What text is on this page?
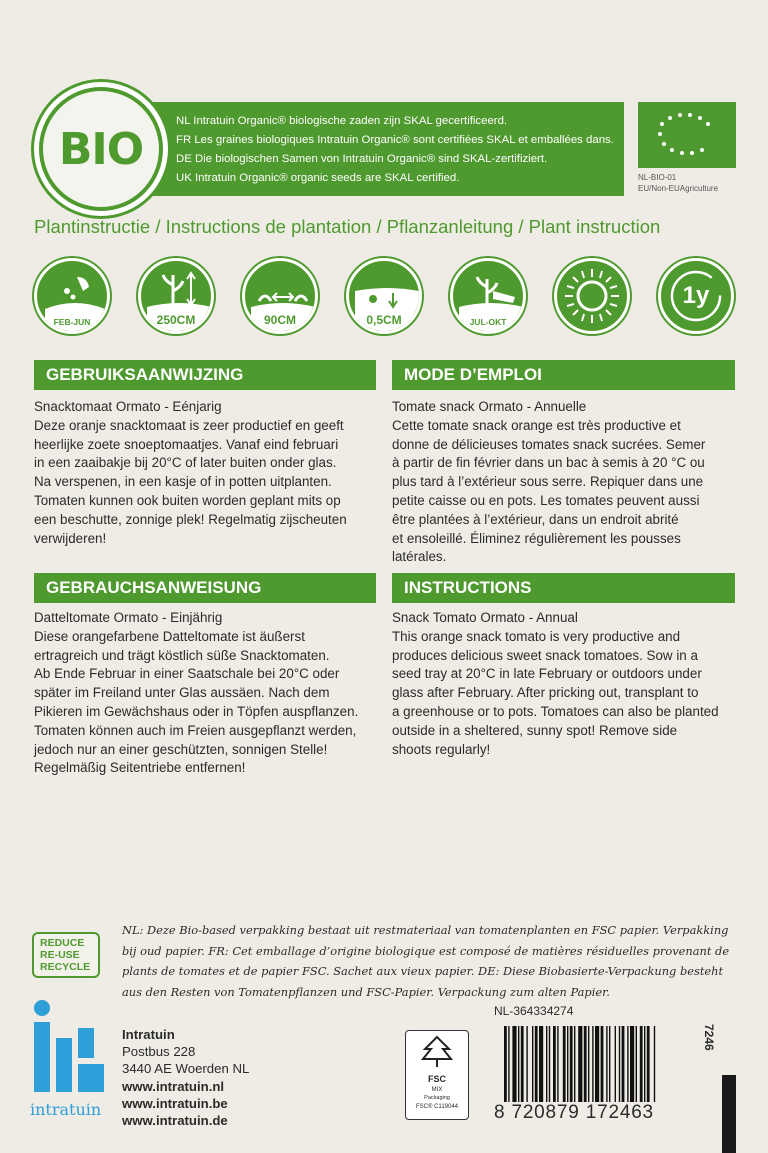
NL Intratuin Organic® biologische zaden zijn SKAL gecertificeerd.

FR Les graines biologiques Intratuin Organic® sont certifiées SKAL et emballées dans.

DE Die biologischen Samen von Intratuin Organic® sind SKAL-zertifiziert.

UK Intratuin Organic® organic seeds are SKAL certified.

BIO
NL-BIO-01
EU/Non-EUAgriculture
Plantinstructie / Instructions de plantation / Pflanzanleitung / Plant instruction
FEB-JUN	250CM	90CM	0,5CM	JUL-OKT
1y
GEBRUIKSAANWIJZING

Snacktomaat Ormato - Eénjarig

Deze oranje snacktomaat is zeer productief en geeft

heerlijke zoete snoeptomaatjes. Vanaf eind februari

in een zaaibakje bij 20°C of later buiten onder glas.

Na verspenen, in een kasje of in potten uitplanten.

Tomaten kunnen ook buiten worden geplant mits op

een beschutte, zonnige plek! Regelmatig zijscheuten

verwijderen!

MODE D’EMPLOI

Tomate snack Ormato - Annuelle

Cette tomate snack orange est très productive et

donne de délicieuses tomates snack sucrées. Semer

à partir de fin février dans un bac à semis à 20 °C ou

plus tard à l’extérieur sous serre. Repiquer dans une

petite caisse ou en pots. Les tomates peuvent aussi

être plantées à l’extérieur, dans un endroit abrité

et ensoleillé. Éliminez régulièrement les pousses

latérales.

GEBRAUCHSANWEISUNG

Datteltomate Ormato - Einjährig

Diese orangefarbene Datteltomate ist äußerst

ertragreich und trägt köstlich süße Snacktomaten.

Ab Ende Februar in einer Saatschale bei 20°C oder

später im Freiland unter Glas aussäen. Nach dem

Pikieren im Gewächshaus oder in Töpfen auspflanzen.

Tomaten können auch im Freien ausgepflanzt werden,

jedoch nur an einer geschützten, sonnigen Stelle!

Regelmäßig Seitentriebe entfernen!

INSTRUCTIONS

Snack Tomato Ormato - Annual

This orange snack tomato is very productive and

produces delicious sweet snack tomatoes. Sow in a

seed tray at 20°C in late February or outdoors under

glass after February. After pricking out, transplant to

a greenhouse or to pots. Tomatoes can also be planted

outside in a sheltered, sunny spot! Remove side

shoots regularly!

REDUCE
RE-USE
RECYCLE

NL: Deze Bio-based verpakking bestaat uit restmateriaal van tomatenplanten en FSC papier. Verpakking

bij oud papier. FR: Cet emballage d’origine biologique est composé de matières résiduelles provenant de

plants de tomates et de papier FSC. Sachet aux vieux papier. DE: Diese Biobasierte-Verpackung besteht

aus den Resten von Tomatenpflanzen und FSC-Papier. Verpackung zum alten Papier.

intratuin

Intratuin

Postbus 228

3440 AE Woerden NL

www.intratuin.nl

www.intratuin.be

www.intratuin.de

FSC
MIX
Packaging
FSC® C119044
NL-364334274
8 720879 172463
7246
